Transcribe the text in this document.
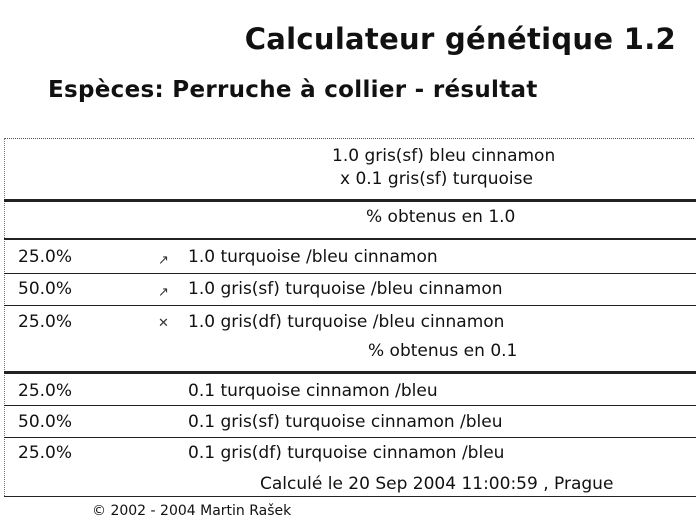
Calculateur génétique 1.2
Espèces: Perruche à collier - résultat
1.0 gris(sf) bleu cinnamon
x 0.1 gris(sf) turquoise
% obtenus en 1.0
25.0%	↗ 1.0 turquoise /bleu cinnamon
50.0%	↗ 1.0 gris(sf) turquoise /bleu cinnamon
25.0%	✕ 1.0 gris(df) turquoise /bleu cinnamon
% obtenus en 0.1
25.0%	0.1 turquoise cinnamon /bleu
50.0%	0.1 gris(sf) turquoise cinnamon /bleu
25.0%	0.1 gris(df) turquoise cinnamon /bleu
Calculé le 20 Sep 2004 11:00:59 , Prague
© 2002 - 2004 Martin Rašek
